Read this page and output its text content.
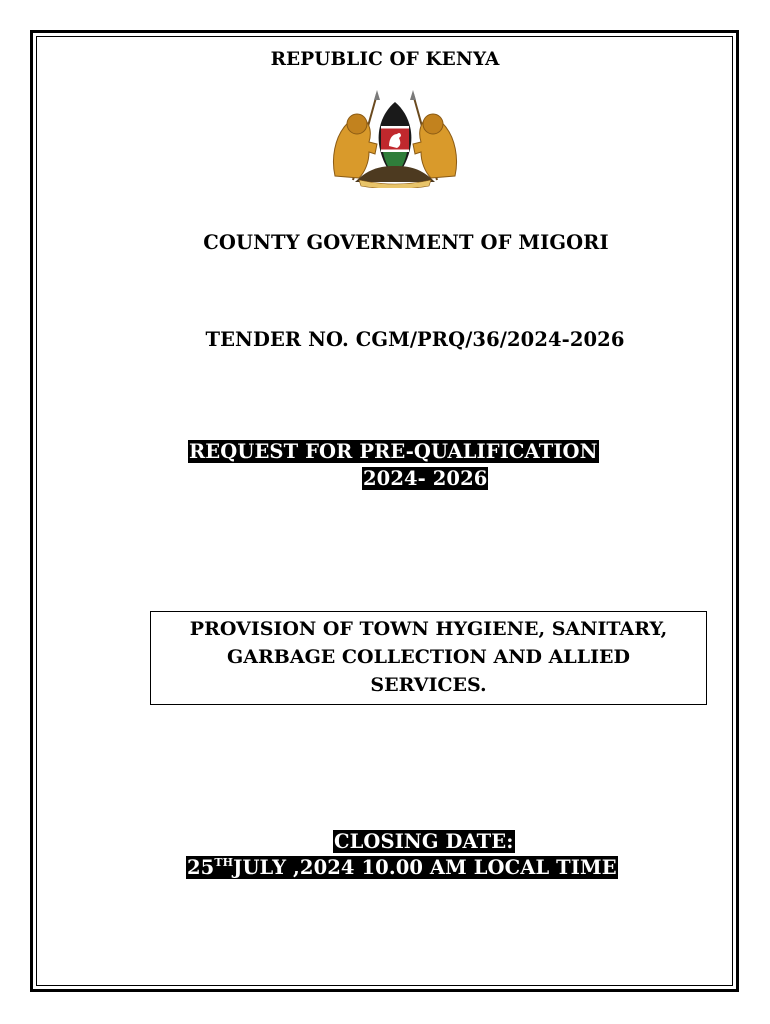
REPUBLIC OF KENYA
COUNTY GOVERNMENT OF MIGORI
TENDER NO. CGM/PRQ/36/2024-2026
REQUEST FOR PRE-QUALIFICATION
2024- 2026
PROVISION OF TOWN HYGIENE, SANITARY,
GARBAGE COLLECTION AND ALLIED
SERVICES.
CLOSING DATE:
25THJULY ,2024 10.00 AM LOCAL TIME
